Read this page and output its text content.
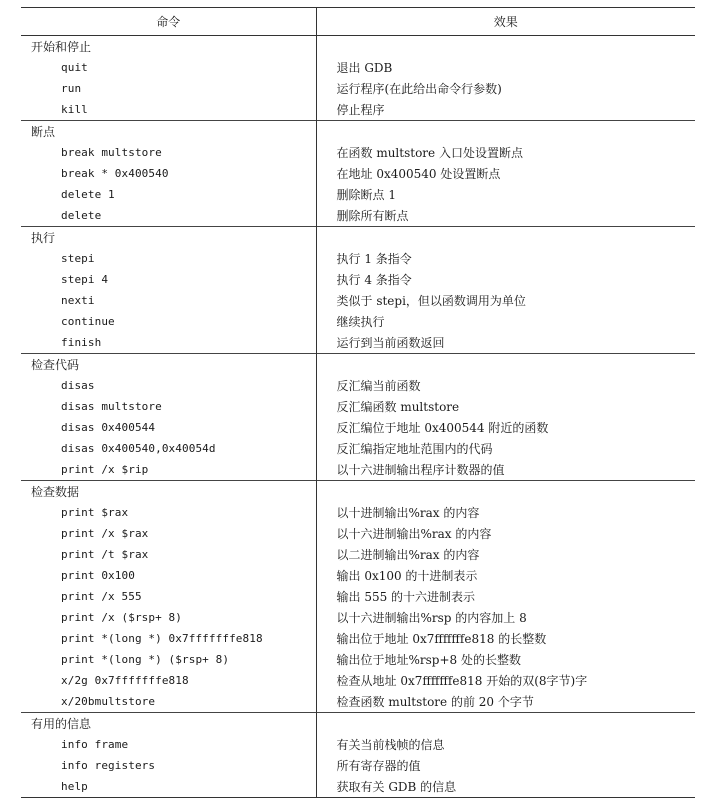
命令	效果
开始和停止	
quit	退出 GDB
run	运行程序(在此给出命令行参数)
kill	停止程序
断点	
break multstore	在函数 multstore 入口处设置断点
break * 0x400540	在地址 0x400540 处设置断点
delete 1	删除断点 1
delete	删除所有断点
执行	
stepi	执行 1 条指令
stepi 4	执行 4 条指令
nexti	类似于 stepi，但以函数调用为单位
continue	继续执行
finish	运行到当前函数返回
检查代码	
disas	反汇编当前函数
disas multstore	反汇编函数 multstore
disas 0x400544	反汇编位于地址 0x400544 附近的函数
disas 0x400540,0x40054d	反汇编指定地址范围内的代码
print /x $rip	以十六进制输出程序计数器的值
检查数据	
print $rax	以十进制输出%rax 的内容
print /x $rax	以十六进制输出%rax 的内容
print /t $rax	以二进制输出%rax 的内容
print 0x100	输出 0x100 的十进制表示
print /x 555	输出 555 的十六进制表示
print /x ($rsp+ 8)	以十六进制输出%rsp 的内容加上 8
print *(long *) 0x7fffffffe818	输出位于地址 0x7fffffffe818 的长整数
print *(long *) ($rsp+ 8)	输出位于地址%rsp+8 处的长整数
x/2g 0x7fffffffe818	检查从地址 0x7fffffffe818 开始的双(8字节)字
x/20bmultstore	检查函数 multstore 的前 20 个字节
有用的信息	
info frame	有关当前栈帧的信息
info registers	所有寄存器的值
help	获取有关 GDB 的信息
